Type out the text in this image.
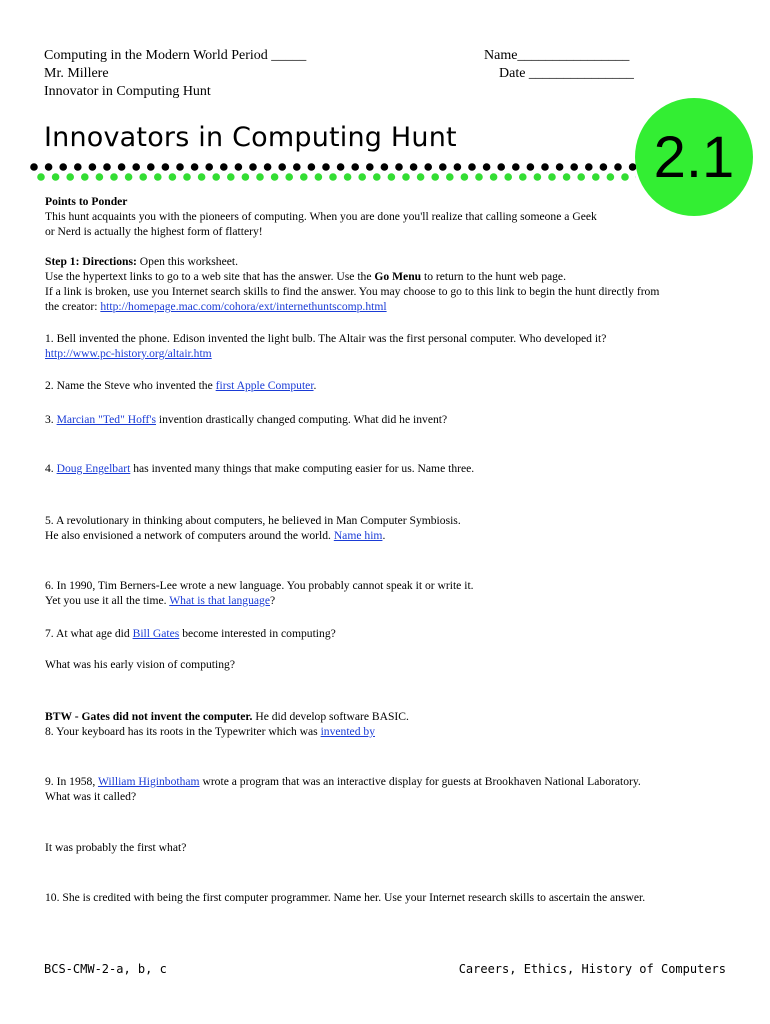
Computing in the Modern World Period _____
Mr. Millere
Innovator in Computing Hunt
Name________________
Date _______________
Innovators in Computing Hunt	2.1
Points to Ponder
This hunt acquaints you with the pioneers of computing. When you are done you'll realize that calling someone a Geek
or Nerd is actually the highest form of flattery!
Step 1: Directions: Open this worksheet.
Use the hypertext links to go to a web site that has the answer. Use the Go Menu to return to the hunt web page.
If a link is broken, use you Internet search skills to find the answer. You may choose to go to this link to begin the hunt directly from
the creator: http://homepage.mac.com/cohora/ext/internethuntscomp.html
1. Bell invented the phone. Edison invented the light bulb. The Altair was the first personal computer. Who developed it?
http://www.pc-history.org/altair.htm
2. Name the Steve who invented the first Apple Computer.
3. Marcian "Ted" Hoff's invention drastically changed computing. What did he invent?
4. Doug Engelbart has invented many things that make computing easier for us. Name three.
5. A revolutionary in thinking about computers, he believed in Man Computer Symbiosis.
He also envisioned a network of computers around the world. Name him.
6. In 1990, Tim Berners-Lee wrote a new language. You probably cannot speak it or write it.
Yet you use it all the time. What is that language?
7. At what age did Bill Gates become interested in computing?
What was his early vision of computing?
BTW - Gates did not invent the computer. He did develop software BASIC.
8. Your keyboard has its roots in the Typewriter which was invented by
9. In 1958, William Higinbotham wrote a program that was an interactive display for guests at Brookhaven National Laboratory.
What was it called?
It was probably the first what?
10. She is credited with being the first computer programmer. Name her. Use your Internet research skills to ascertain the answer.
BCS-CMW-2-a, b, c	Careers, Ethics, History of Computers
